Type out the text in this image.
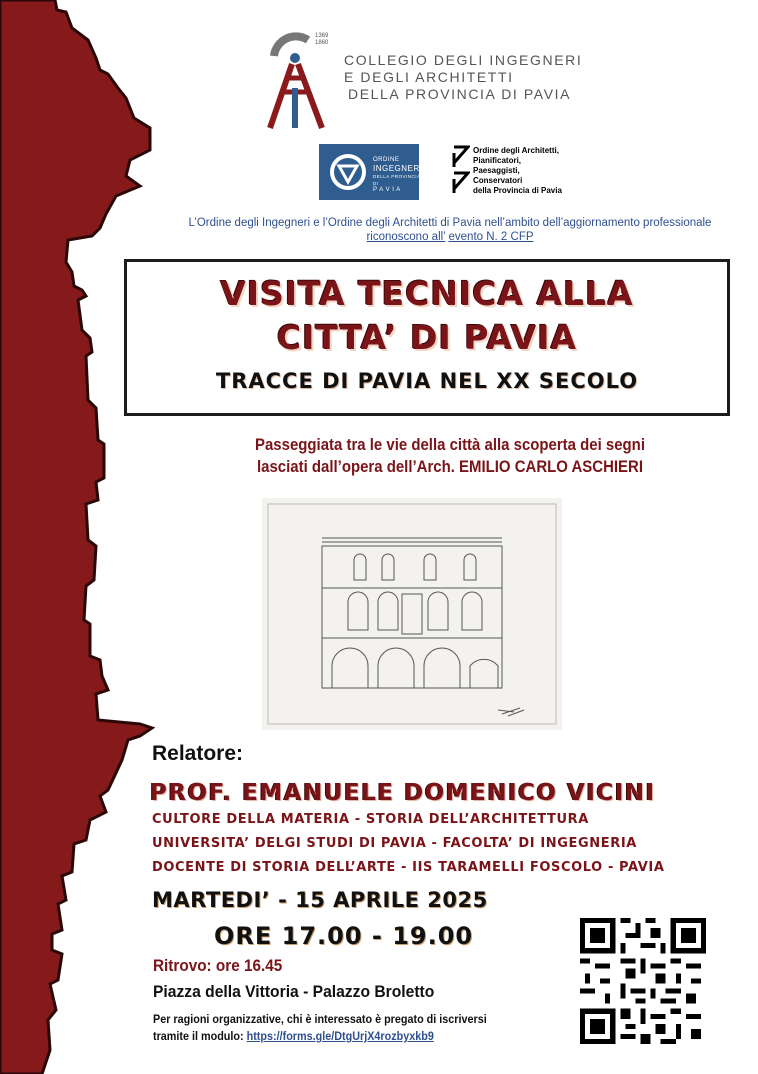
1369
1860
COLLEGIO DEGLI INGEGNERI
E DEGLI ARCHITETTI
DELLA PROVINCIA DI PAVIA
ORDINE
INGEGNERI
DELLA PROVINCIA DI
P A V I A
Ordine degli Architetti,
Pianificatori,
Paesaggisti,
Conservatori
della Provincia di Pavia
L’Ordine degli Ingegneri e l’Ordine degli Architetti di Pavia nell’ambito dell’aggiornamento professionale
riconoscono all’ evento N. 2 CFP
VISITA TECNICA ALLA
CITTA’ DI PAVIA
TRACCE DI PAVIA NEL XX SECOLO
Passeggiata tra le vie della città alla scoperta dei segni
lasciati dall’opera dell’Arch. EMILIO CARLO ASCHIERI
Relatore:
PROF. EMANUELE DOMENICO VICINI
CULTORE DELLA MATERIA - STORIA DELL’ARCHITETTURA
UNIVERSITA’ DELGI STUDI DI PAVIA - FACOLTA’ DI INGEGNERIA
DOCENTE DI STORIA DELL’ARTE - IIS TARAMELLI FOSCOLO - PAVIA
MARTEDI’ - 15 APRILE 2025
ORE 17.00 - 19.00
Ritrovo: ore 16.45
Piazza della Vittoria - Palazzo Broletto
Per ragioni organizzative, chi è interessato è pregato di iscriversi
tramite il modulo: https://forms.gle/DtgUrjX4rozbyxkb9
